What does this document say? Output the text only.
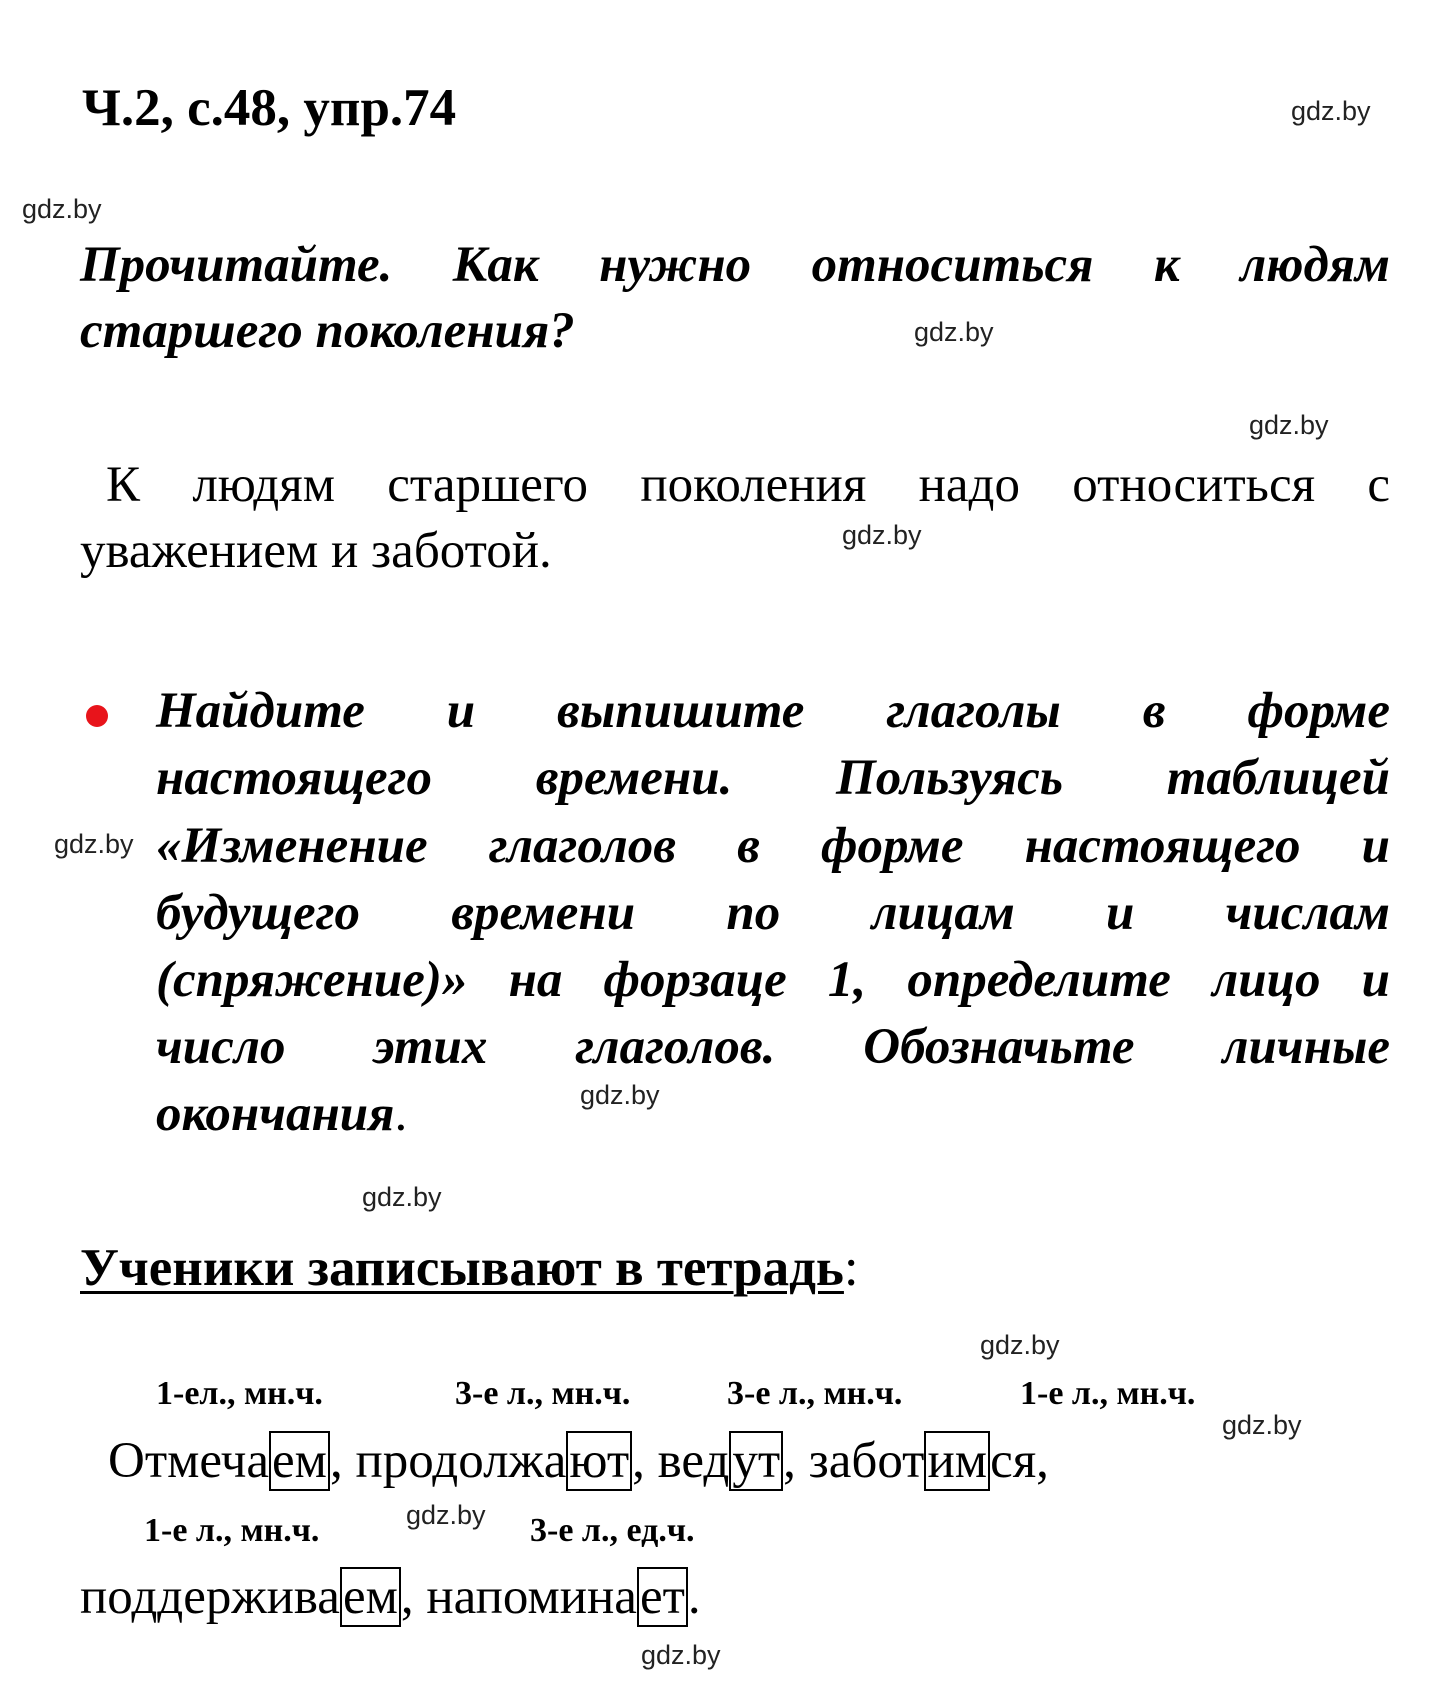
Ч.2, с.48, упр.74	gdz.by
gdz.by
gdz.by
gdz.by
gdz.by
gdz.by
gdz.by
gdz.by
gdz.by
gdz.by
gdz.by
gdz.by
Прочитайте. Как нужно относиться к людям
старшего поколения?
К людям старшего поколения надо относиться с
уважением и заботой.
Найдите и выпишите глаголы в форме
настоящего времени. Пользуясь таблицей
«Изменение глаголов в форме настоящего и
будущего времени по лицам и числам
(спряжение)» на форзаце 1, определите лицо и
число этих глаголов. Обозначьте личные
окончания.
Ученики записывают в тетрадь:
1-ел., мн.ч.	3-е л., мн.ч.	3-е л., мн.ч.	1-е л., мн.ч.
Отмечаем, продолжают, ведут, заботимся,
1-е л., мн.ч.	3-е л., ед.ч.
поддерживаем, напоминает.
